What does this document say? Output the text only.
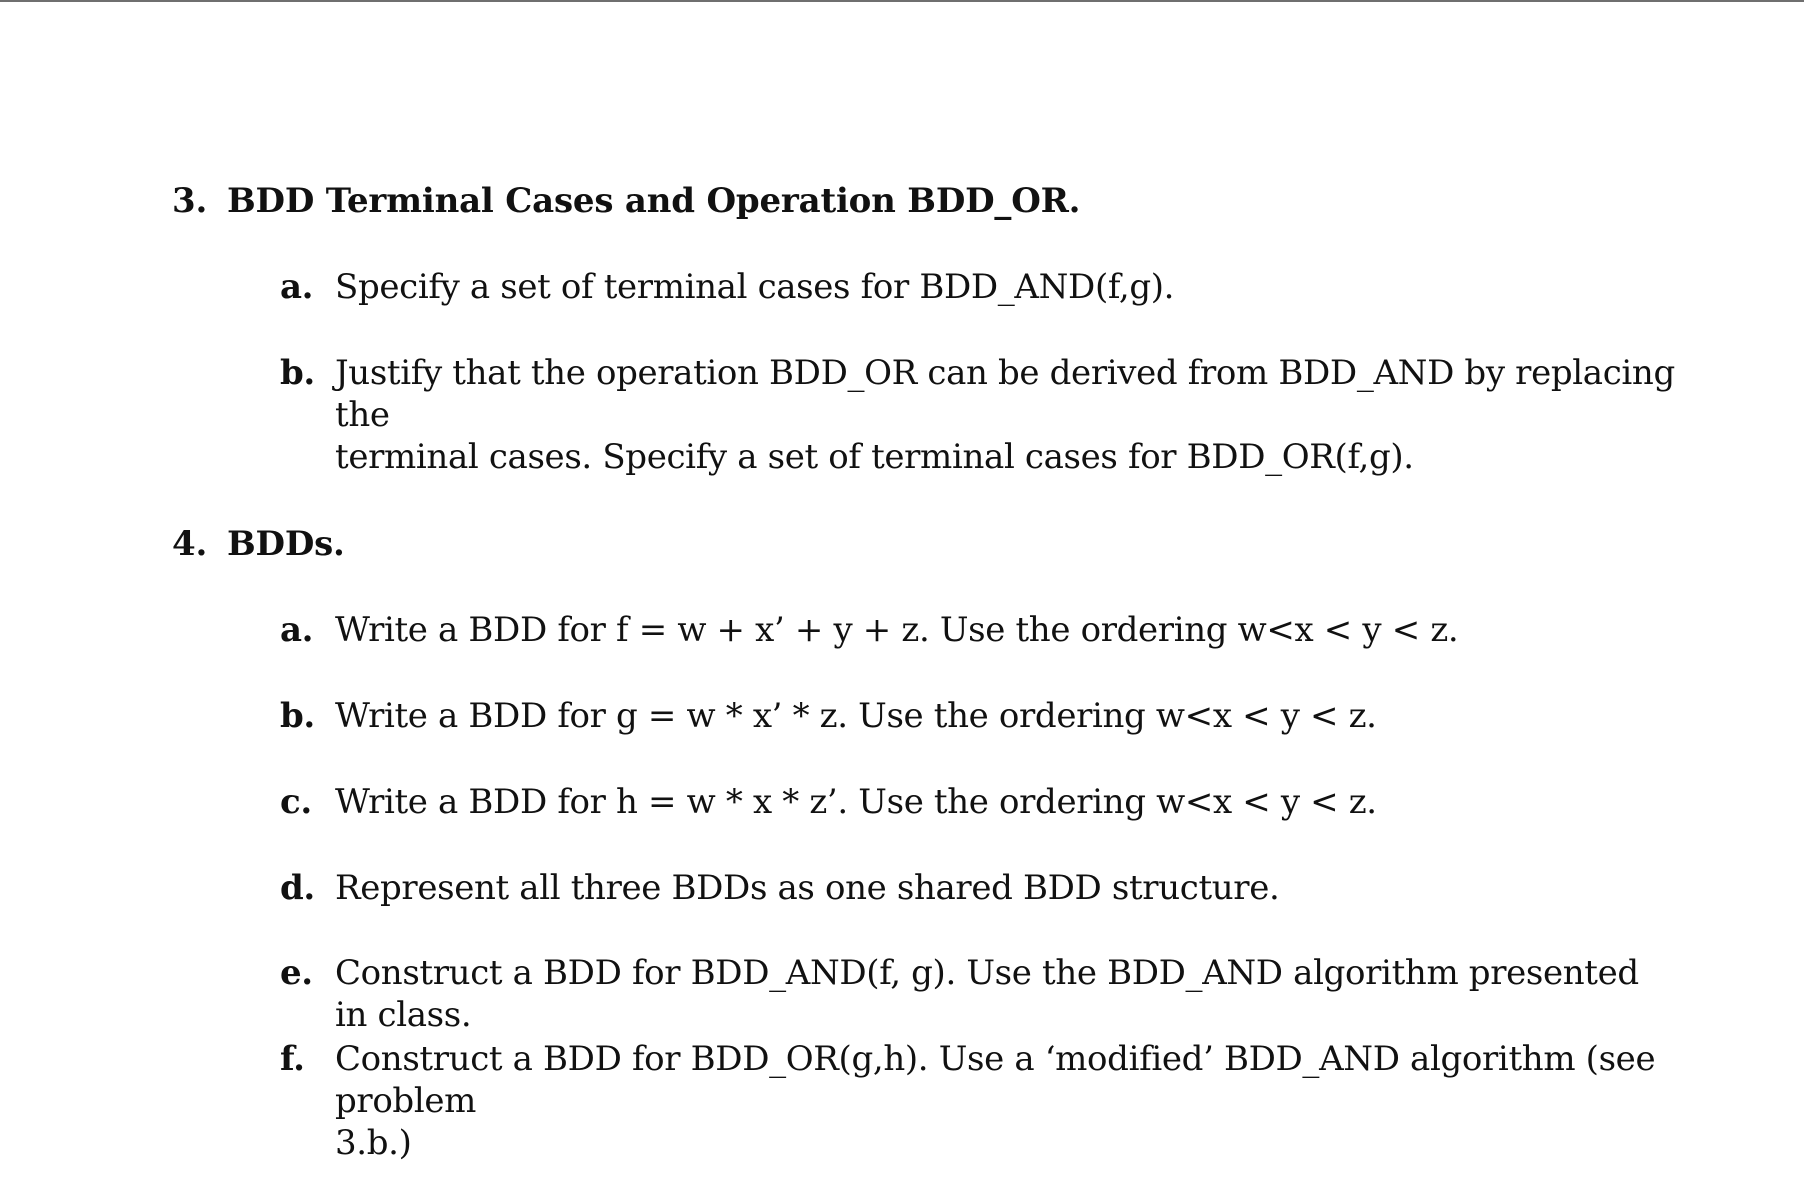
3. BDD Terminal Cases and Operation BDD_OR.
a. Specify a set of terminal cases for BDD_AND(f,g).
b. Justify that the operation BDD_OR can be derived from BDD_AND by replacing the
terminal cases. Specify a set of terminal cases for BDD_OR(f,g).
4. BDDs.
a. Write a BDD for f = w + x’ + y + z. Use the ordering w<x < y < z.
b. Write a BDD for g = w * x’ * z. Use the ordering w<x < y < z.
c. Write a BDD for h = w * x * z’. Use the ordering w<x < y < z.
d. Represent all three BDDs as one shared BDD structure.
e. Construct a BDD for BDD_AND(f, g). Use the BDD_AND algorithm presented in class.
f. Construct a BDD for BDD_OR(g,h). Use a ‘modified’ BDD_AND algorithm (see problem
3.b.)
